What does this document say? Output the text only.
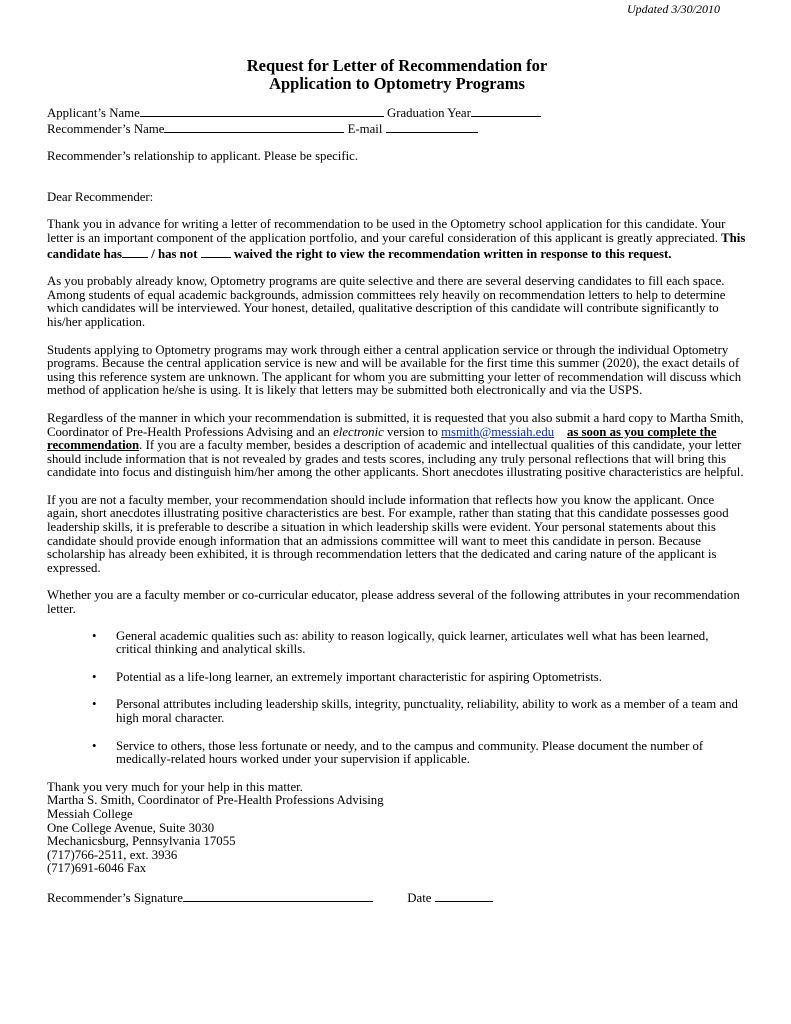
Updated 3/30/2010
Request for Letter of Recommendation for
Application to Optometry Programs
Applicant’s Name	Graduation Year
Recommender’s Name	E-mail

Recommender’s relationship to applicant. Please be specific.

Dear Recommender:

Thank you in advance for writing a letter of recommendation to be used in the Optometry school application for this candidate. Your letter is an important component of the application portfolio, and your careful consideration of this applicant is greatly appreciated. This candidate has / has not	waived the right to view the recommendation written in response to this request.

As you probably already know, Optometry programs are quite selective and there are several deserving candidates to fill each space. Among students of equal academic backgrounds, admission committees rely heavily on recommendation letters to help to determine which candidates will be interviewed. Your honest, detailed, qualitative description of this candidate will contribute significantly to his/her application.

Students applying to Optometry programs may work through either a central application service or through the individual Optometry programs. Because the central application service is new and will be available for the first time this summer (2020), the exact details of using this reference system are unknown. The applicant for whom you are submitting your letter of recommendation will discuss which method of application he/she is using. It is likely that letters may be submitted both electronically and via the USPS.

Regardless of the manner in which your recommendation is submitted, it is requested that you also submit a hard copy to Martha Smith, Coordinator of Pre-Health Professions Advising and an electronic version to msmith@messiah.edu as soon as you complete the recommendation. If you are a faculty member, besides a description of academic and intellectual qualities of this candidate, your letter should include information that is not revealed by grades and tests scores, including any truly personal reflections that will bring this candidate into focus and distinguish him/her among the other applicants. Short anecdotes illustrating positive characteristics are helpful.

If you are not a faculty member, your recommendation should include information that reflects how you know the applicant. Once again, short anecdotes illustrating positive characteristics are best. For example, rather than stating that this candidate possesses good leadership skills, it is preferable to describe a situation in which leadership skills were evident. Your personal statements about this candidate should provide enough information that an admissions committee will want to meet this candidate in person. Because scholarship has already been exhibited, it is through recommendation letters that the dedicated and caring nature of the applicant is expressed.

Whether you are a faculty member or co-curricular educator, please address several of the following attributes in your recommendation letter.

• General academic qualities such as: ability to reason logically, quick learner, articulates well what has been learned, critical thinking and analytical skills.
• Potential as a life-long learner, an extremely important characteristic for aspiring Optometrists.
• Personal attributes including leadership skills, integrity, punctuality, reliability, ability to work as a member of a team and high moral character.
• Service to others, those less fortunate or needy, and to the campus and community. Please document the number of medically-related hours worked under your supervision if applicable.

Thank you very much for your help in this matter.

Martha S. Smith, Coordinator of Pre-Health Professions Advising

Messiah College

One College Avenue, Suite 3030

Mechanicsburg, Pennsylvania 17055

(717)766-2511, ext. 3936

(717)691-6046 Fax

Recommender’s Signature	Date
